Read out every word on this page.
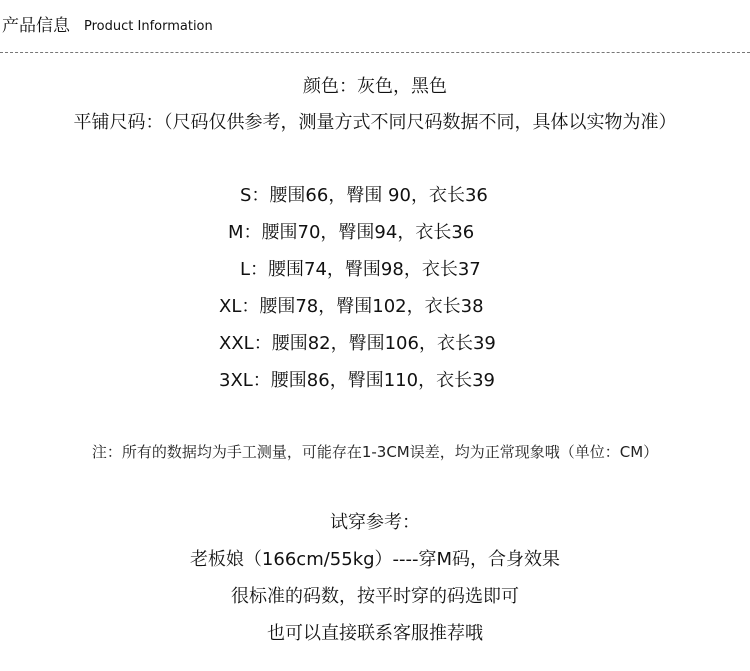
产品信息 Product Information
颜色：灰色，黑色
平铺尺码：（尺码仅供参考，测量方式不同尺码数据不同，具体以实物为准）
S：腰围66，臀围 90，衣长36
M：腰围70，臀围94，衣长36
L：腰围74，臀围98，衣长37
XL：腰围78，臀围102，衣长38
XXL：腰围82，臀围106，衣长39
3XL：腰围86，臀围110，衣长39
注：所有的数据均为手工测量，可能存在1-3CM误差，均为正常现象哦（单位：CM）
试穿参考：
老板娘（166cm/55kg）----穿M码，合身效果
很标准的码数，按平时穿的码选即可
也可以直接联系客服推荐哦
